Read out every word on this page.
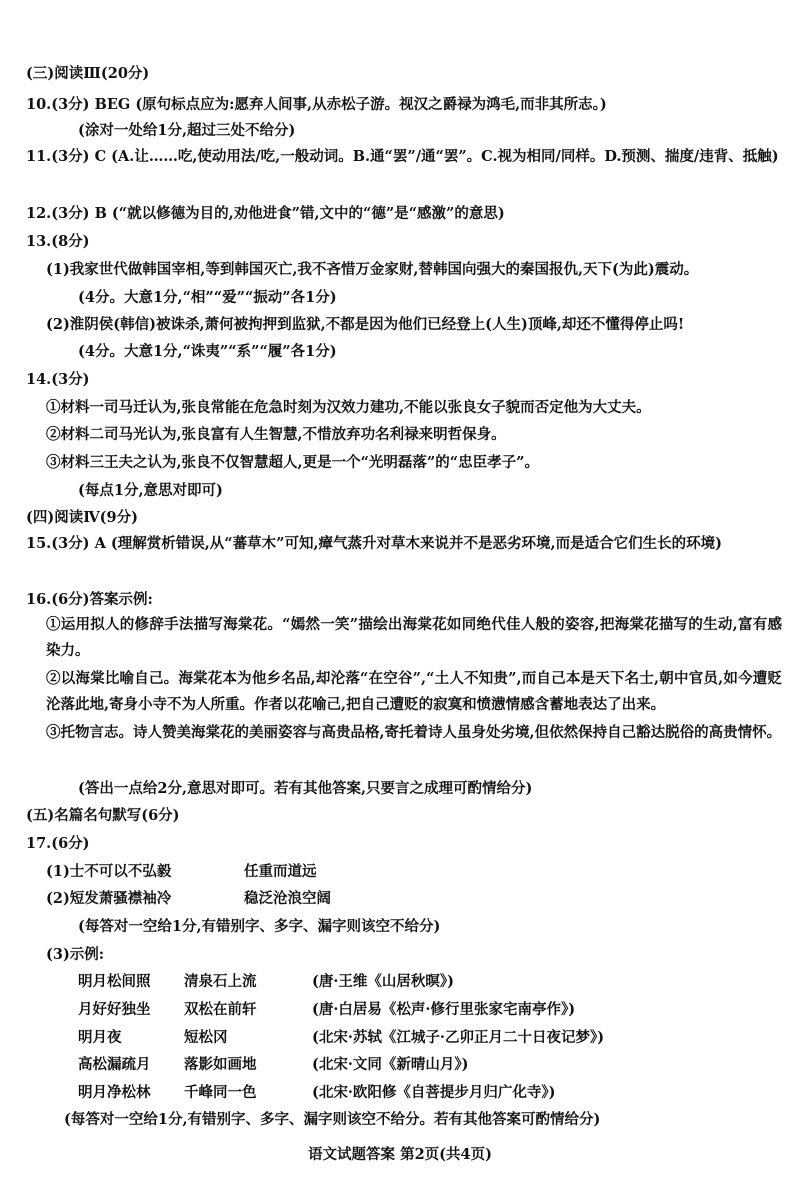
(三)阅读Ⅲ(20分)
10.(3分) BEG (原句标点应为:愿弃人间事,从赤松子游。视汉之爵禄为鸿毛,而非其所志。)
(涂对一处给1分,超过三处不给分)
11.(3分) C (A.让……吃,使动用法/吃,一般动词。B.通“罢”/通“罢”。C.视为相同/同样。D.预测、揣度/违背、抵触)
12.(3分) B (“就以修德为目的,劝他进食”错,文中的“德”是“感激”的意思)
13.(8分)
(1)我家世代做韩国宰相,等到韩国灭亡,我不吝惜万金家财,替韩国向强大的秦国报仇,天下(为此)震动。
(4分。大意1分,“相”“爱”“振动”各1分)
(2)淮阴侯(韩信)被诛杀,萧何被拘押到监狱,不都是因为他们已经登上(人生)顶峰,却还不懂得停止吗!
(4分。大意1分,“诛夷”“系”“履”各1分)
14.(3分)
①材料一司马迁认为,张良常能在危急时刻为汉效力建功,不能以张良女子貌而否定他为大丈夫。
②材料二司马光认为,张良富有人生智慧,不惜放弃功名利禄来明哲保身。
③材料三王夫之认为,张良不仅智慧超人,更是一个“光明磊落”的“忠臣孝子”。
(每点1分,意思对即可)
(四)阅读Ⅳ(9分)
15.(3分) A (理解赏析错误,从“蕃草木”可知,瘴气蒸升对草木来说并不是恶劣环境,而是适合它们生长的环境)
16.(6分)答案示例:
①运用拟人的修辞手法描写海棠花。“嫣然一笑”描绘出海棠花如同绝代佳人般的姿容,把海棠花描写的生动,富有感染力。
②以海棠比喻自己。海棠花本为他乡名品,却沦落“在空谷”,“土人不知贵”,而自己本是天下名士,朝中官员,如今遭贬沦落此地,寄身小寺不为人所重。作者以花喻己,把自己遭贬的寂寞和愤懑情感含蓄地表达了出来。
③托物言志。诗人赞美海棠花的美丽姿容与高贵品格,寄托着诗人虽身处劣境,但依然保持自己豁达脱俗的高贵情怀。
(答出一点给2分,意思对即可。若有其他答案,只要言之成理可酌情给分)
(五)名篇名句默写(6分)
17.(6分)
(1)士不可以不弘毅	任重而道远
(2)短发萧骚襟袖冷	稳泛沧浪空阔
(每答对一空给1分,有错别字、多字、漏字则该空不给分)
(3)示例:
明月松间照 清泉石上流	(唐·王维《山居秋暝》)
月好好独坐 双松在前轩	(唐·白居易《松声·修行里张家宅南亭作》)
明月夜	短松冈	(北宋·苏轼《江城子·乙卯正月二十日夜记梦》)
高松漏疏月 落影如画地	(北宋·文同《新晴山月》)
明月净松林 千峰同一色	(北宋·欧阳修《自菩提步月归广化寺》)
(每答对一空给1分,有错别字、多字、漏字则该空不给分。若有其他答案可酌情给分)
语文试题答案 第2页(共4页)
